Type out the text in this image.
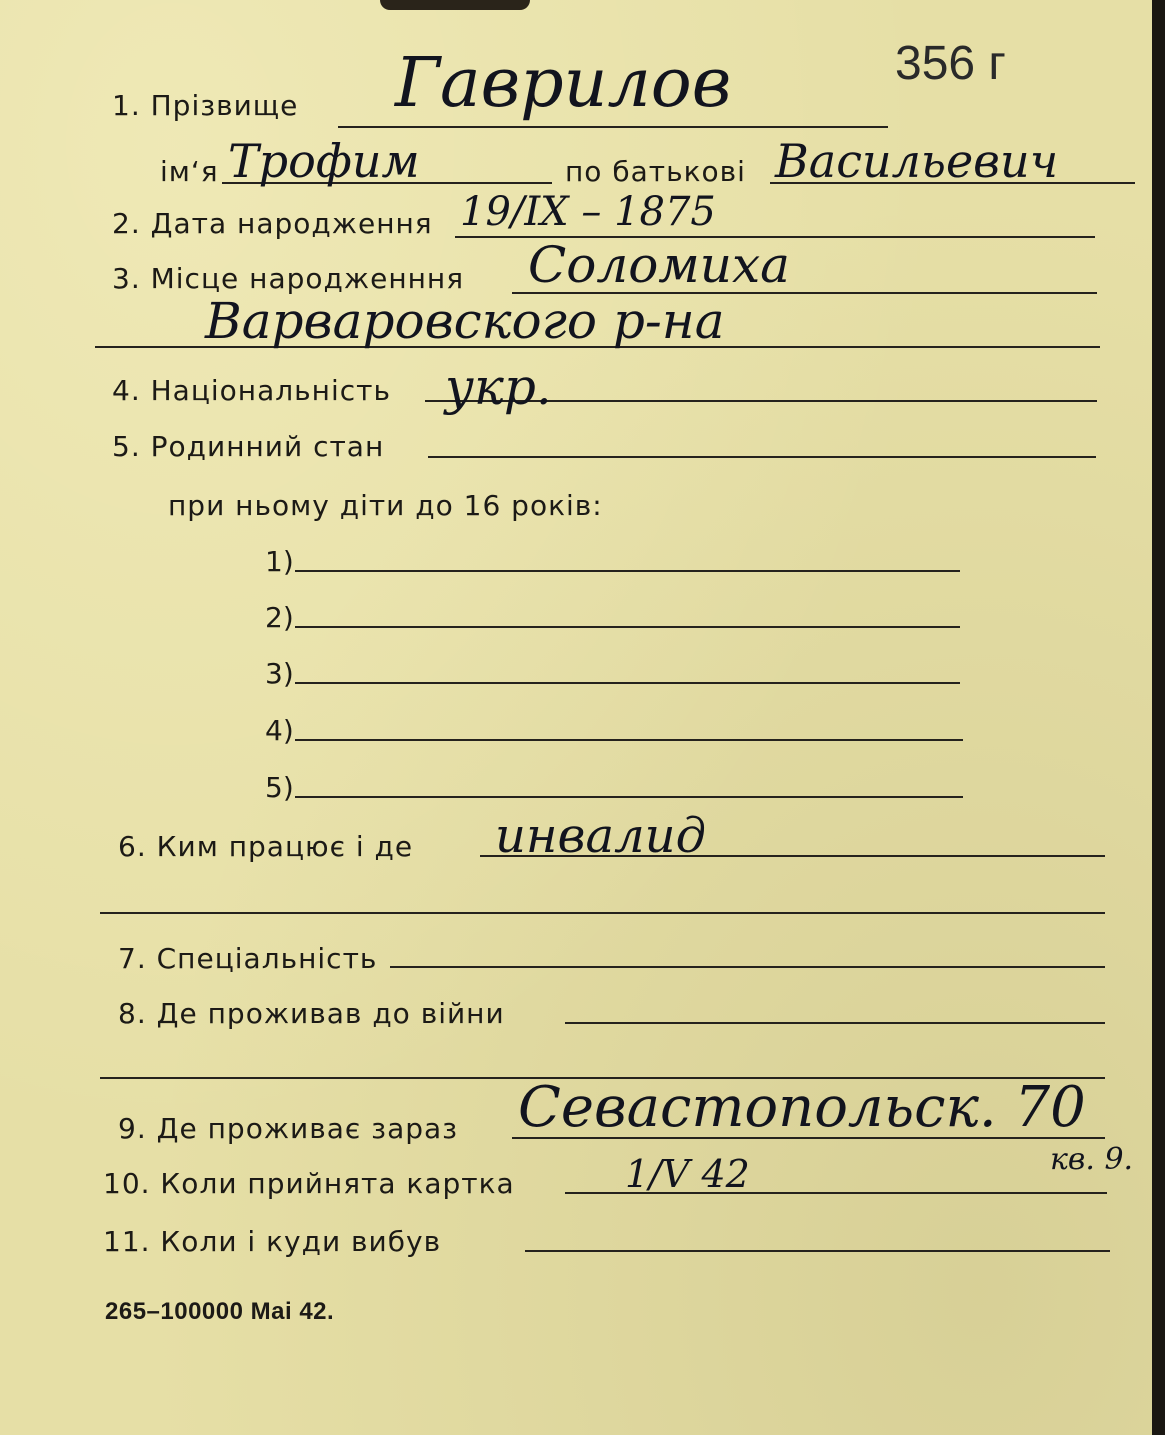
356 г
1. Прізвище Гаврилов
ім‘я Трофим	по батькові Васильевич
2. Дата народження 19/IX – 1875
3. Місце народженння Соломиха
Варваровского р-на
4. Національність укр.
5. Родинний стан
при ньому діти до 16 років:
1)
2)
3)
4)
5)
6. Ким працює і де инвалид
7. Спеціальність
8. Де проживав до війни
9. Де проживає зараз Севастопольск. 70
кв. 9.
10. Коли прийнята картка	1/V 42
11. Коли і куди вибув
265–100000 Mai 42.
